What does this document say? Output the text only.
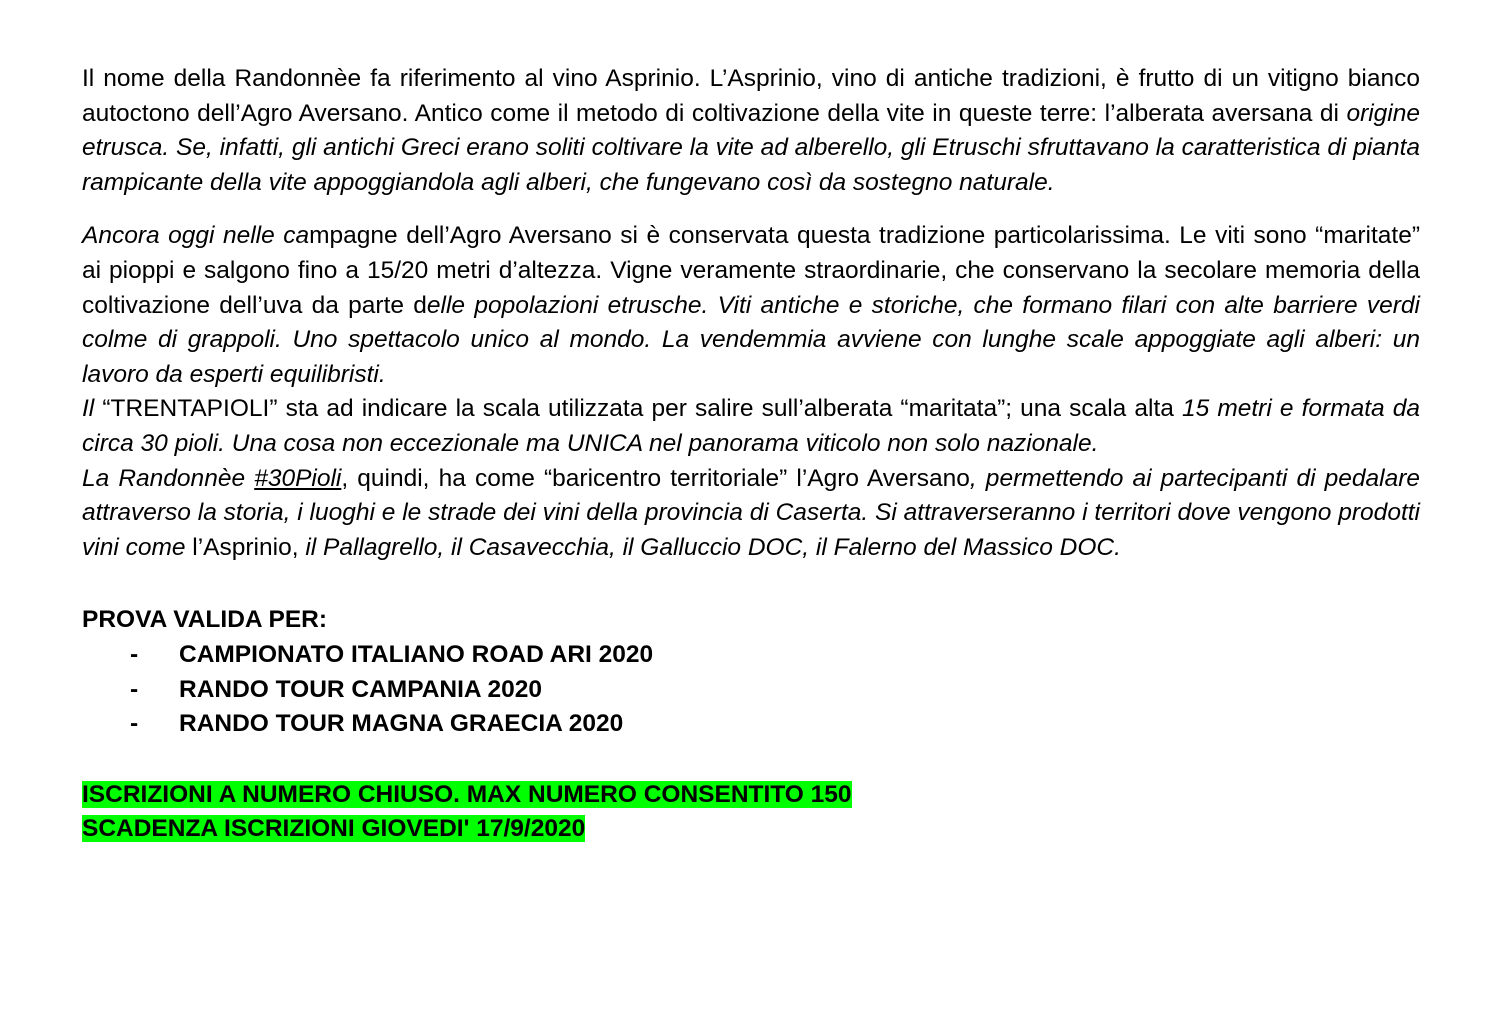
Il nome della Randonnèe fa riferimento al vino Asprinio. L’Asprinio, vino di antiche tradizioni, è frutto di un vitigno bianco autoctono dell’Agro Aversano. Antico come il metodo di coltivazione della vite in queste terre: l’alberata aversana di origine etrusca. Se, infatti, gli antichi Greci erano soliti coltivare la vite ad alberello, gli Etruschi sfruttavano la caratteristica di pianta rampicante della vite appoggiandola agli alberi, che fungevano così da sostegno naturale.

Ancora oggi nelle campagne dell’Agro Aversano si è conservata questa tradizione particolarissima. Le viti sono “maritate” ai pioppi e salgono fino a 15/20 metri d’altezza. Vigne veramente straordinarie, che conservano la secolare memoria della coltivazione dell’uva da parte delle popolazioni etrusche. Viti antiche e storiche, che formano filari con alte barriere verdi colme di grappoli. Uno spettacolo unico al mondo. La vendemmia avviene con lunghe scale appoggiate agli alberi: un lavoro da esperti equilibristi.

Il “TRENTAPIOLI” sta ad indicare la scala utilizzata per salire sull’alberata “maritata”; una scala alta 15 metri e formata da circa 30 pioli. Una cosa non eccezionale ma UNICA nel panorama viticolo non solo nazionale.

La Randonnèe #30Pioli, quindi, ha come “baricentro territoriale” l’Agro Aversano, permettendo ai partecipanti di pedalare attraverso la storia, i luoghi e le strade dei vini della provincia di Caserta. Si attraverseranno i territori dove vengono prodotti vini come l’Asprinio, il Pallagrello, il Casavecchia, il Galluccio DOC, il Falerno del Massico DOC.

PROVA VALIDA PER:
-	CAMPIONATO ITALIANO ROAD ARI 2020
-	RANDO TOUR CAMPANIA 2020
-	RANDO TOUR MAGNA GRAECIA 2020
ISCRIZIONI A NUMERO CHIUSO. MAX NUMERO CONSENTITO 150
SCADENZA ISCRIZIONI GIOVEDI' 17/9/2020
